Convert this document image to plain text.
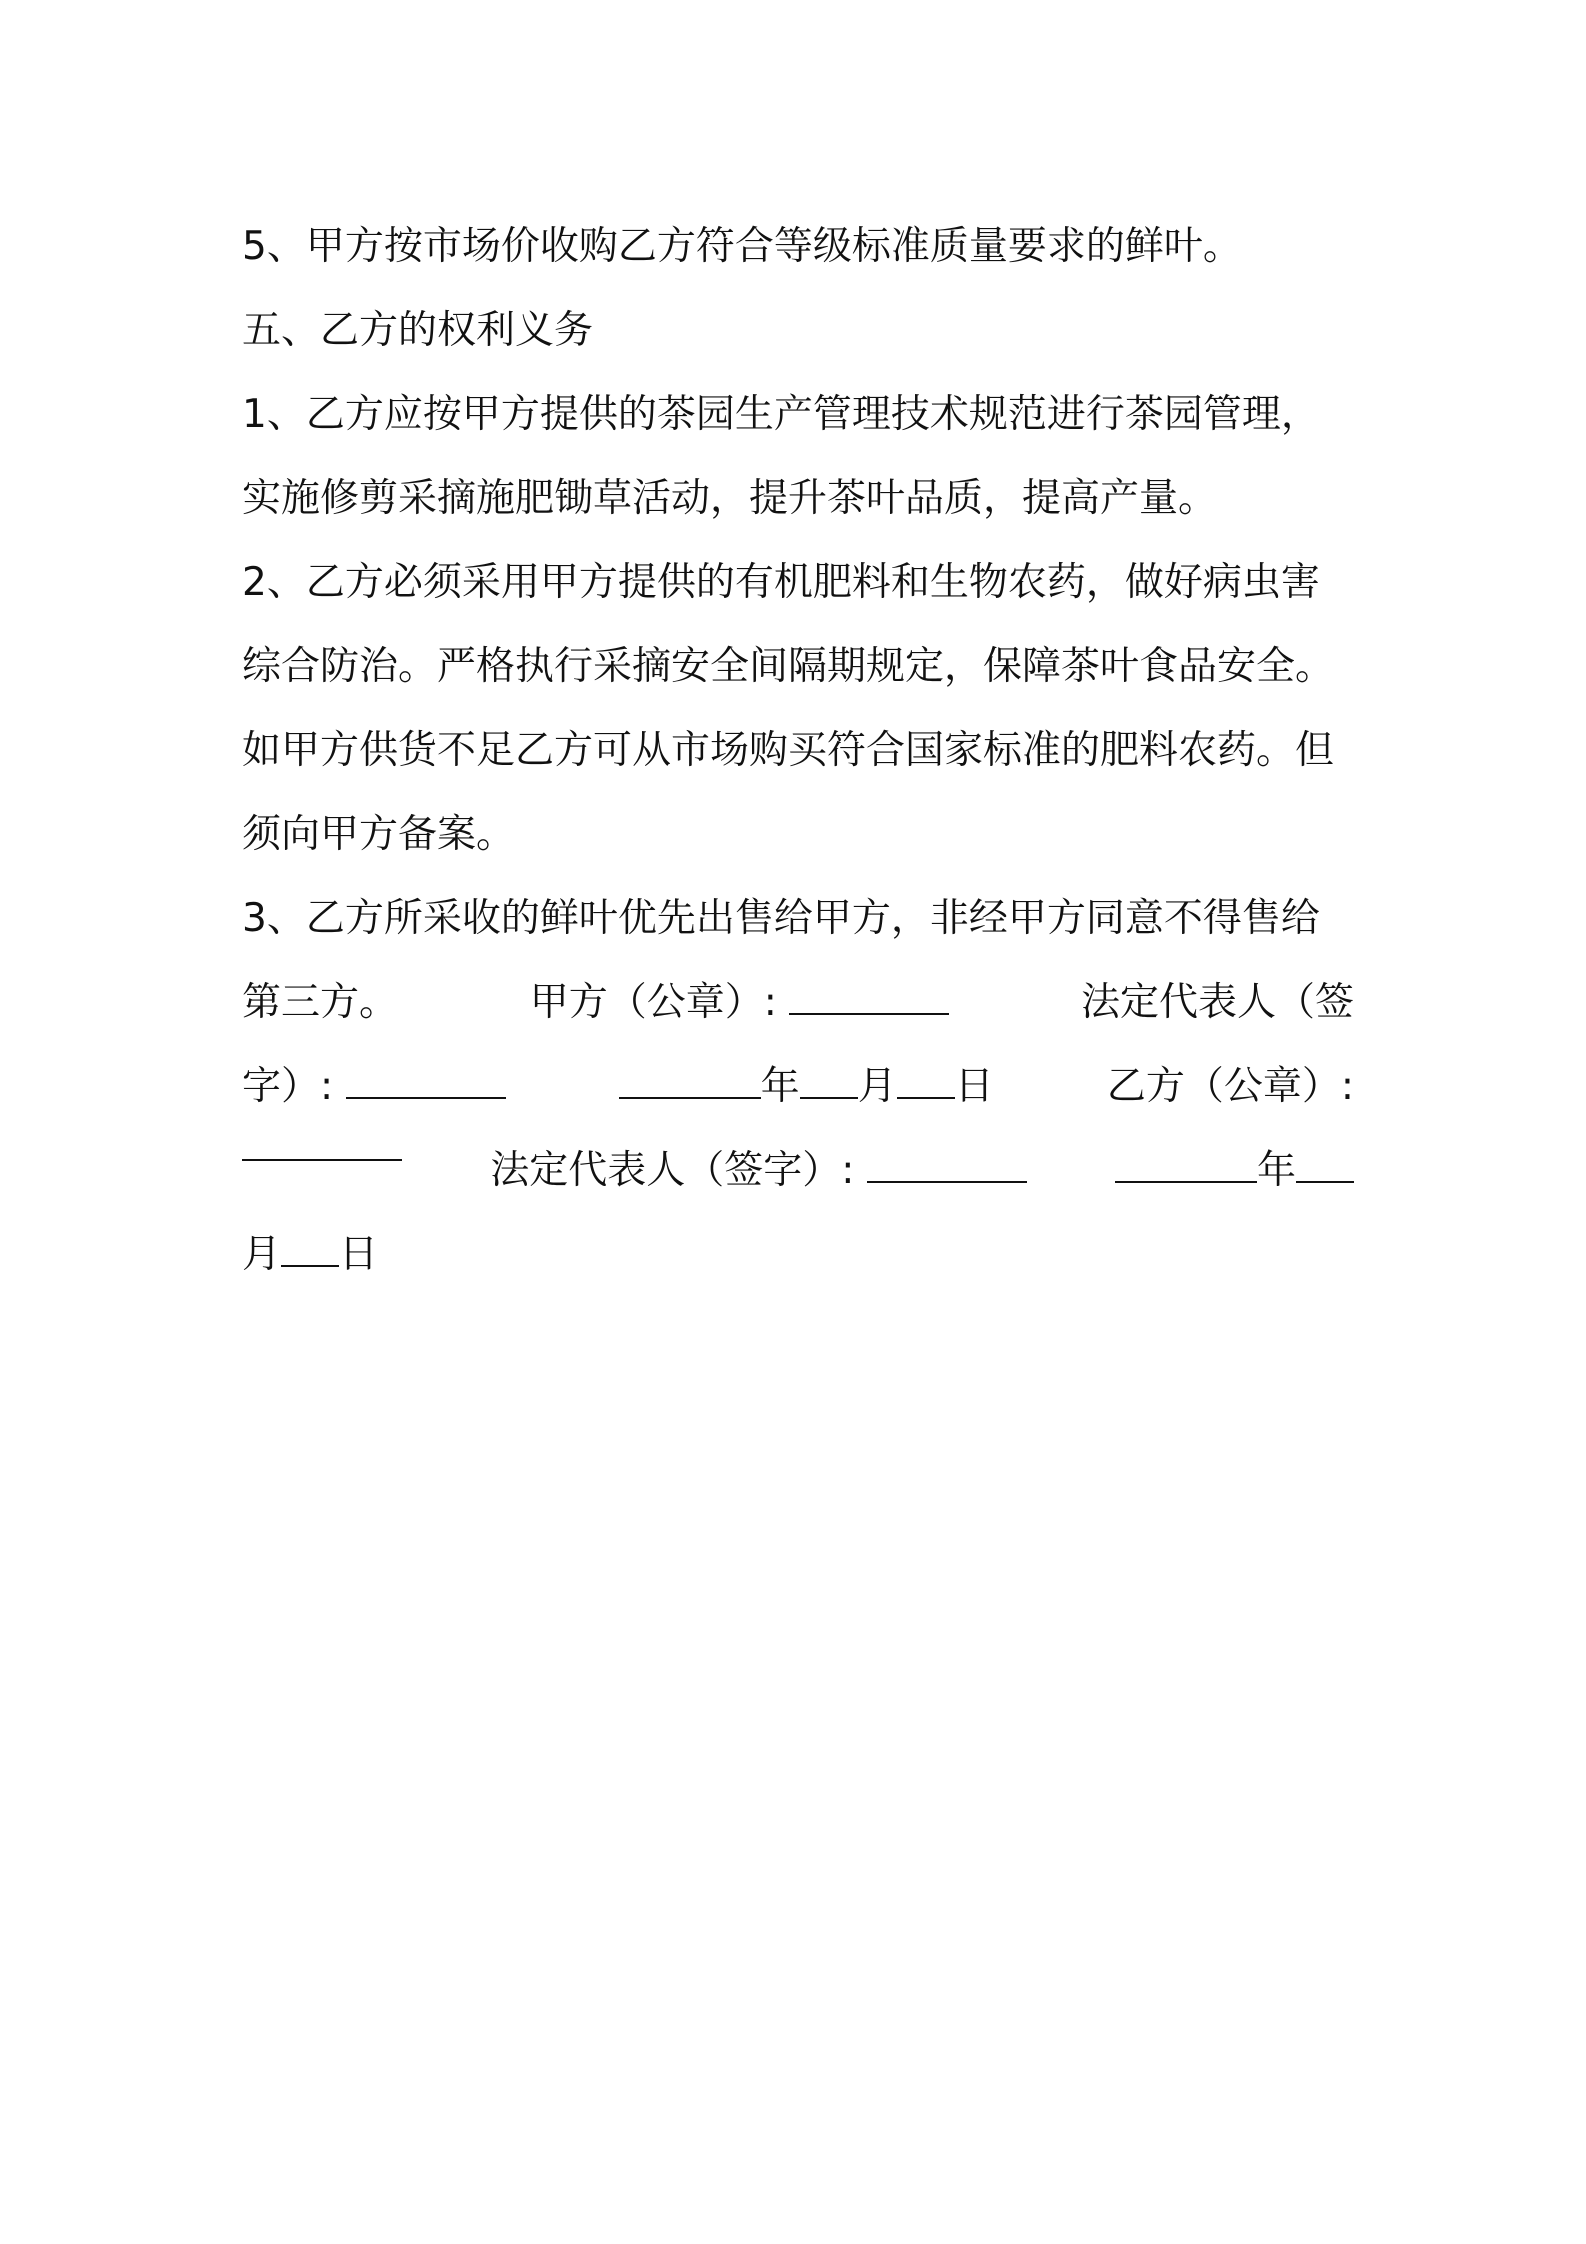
5、甲方按市场价收购乙方符合等级标准质量要求的鲜叶。
五、乙方的权利义务
1、乙方应按甲方提供的茶园生产管理技术规范进行茶园管理，
实施修剪采摘施肥锄草活动，提升茶叶品质，提高产量。
2、乙方必须采用甲方提供的有机肥料和生物农药，做好病虫害
综合防治。严格执行采摘安全间隔期规定，保障茶叶食品安全。
如甲方供货不足乙方可从市场购买符合国家标准的肥料农药。但
须向甲方备案。
3、乙方所采收的鲜叶优先出售给甲方，非经甲方同意不得售给
第三方。	甲方（公章）:	法定代表人（签
字）:	年 月 日	乙方（公章）:
法定代表人（签字）:	年
月 日
